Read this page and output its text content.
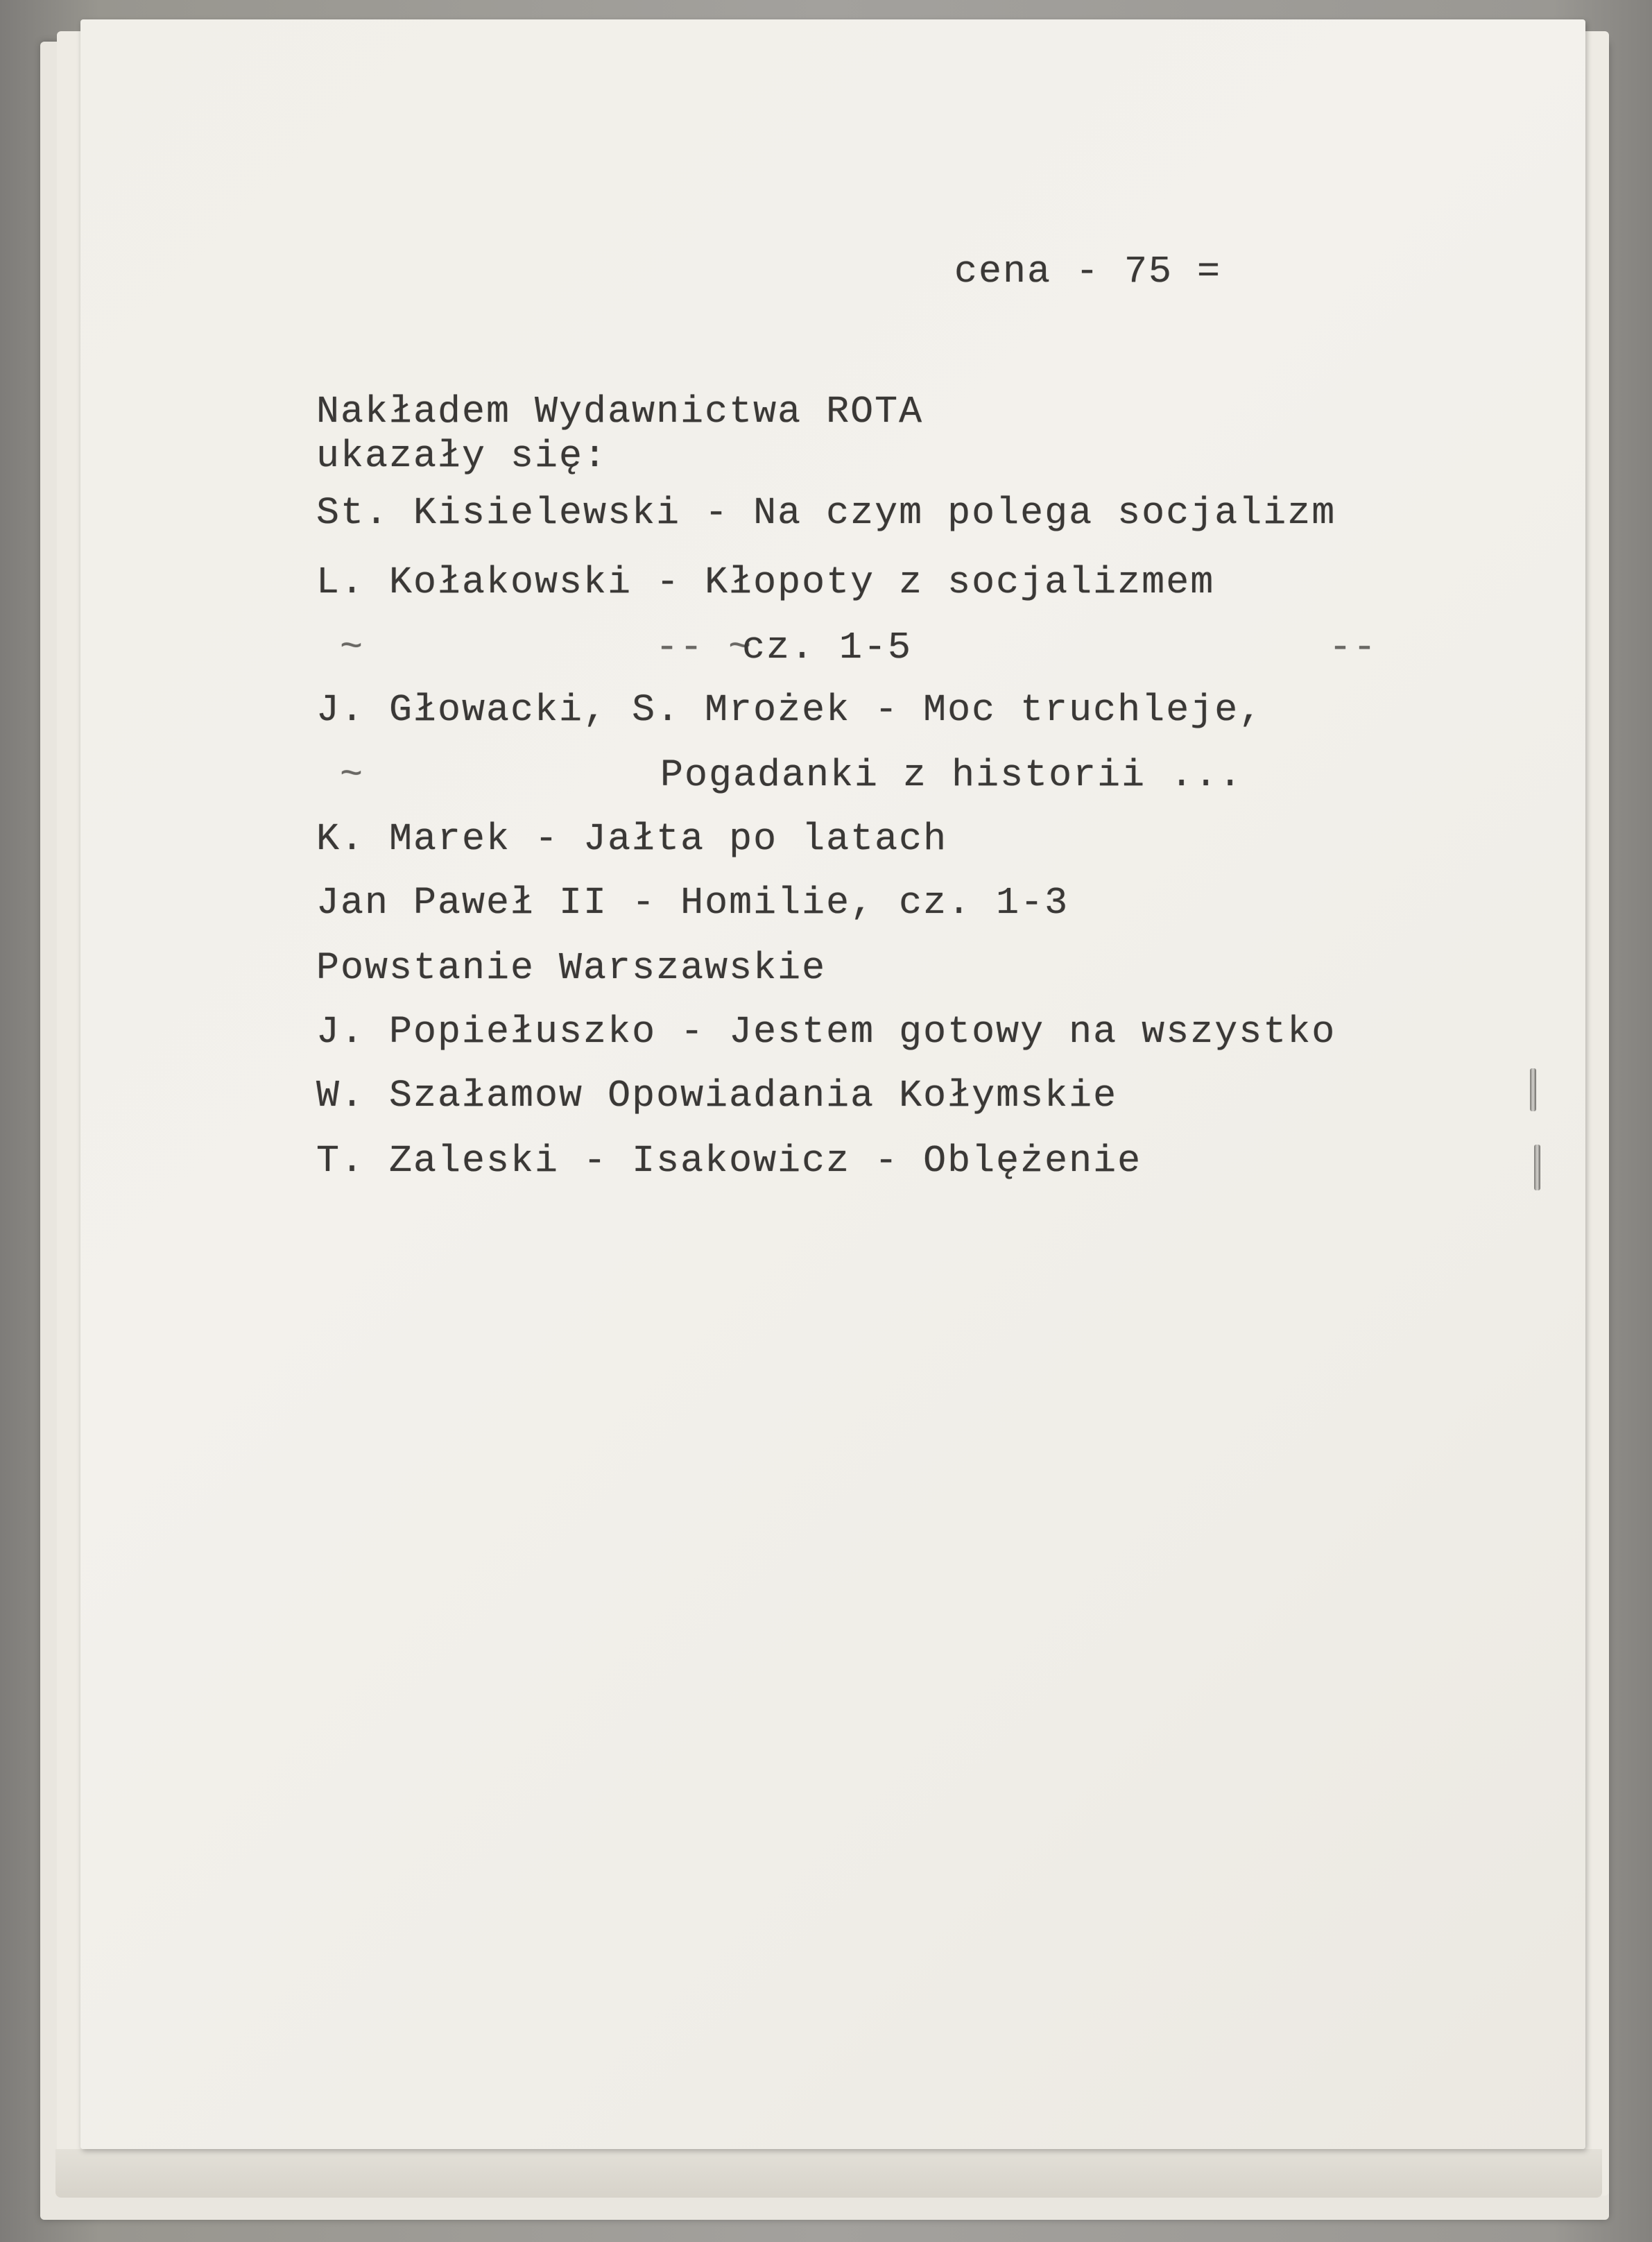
cena - 75 =
Nakładem Wydawnictwa ROTA
ukazały się:
St. Kisielewski - Na czym polega socjalizm
L. Kołakowski - Kłopoty z socjalizmem
~            -- ~
cz. 1-5	--
J. Głowacki, S. Mrożek - Moc truchleje,
~	Pogadanki z historii ...
K. Marek - Jałta po latach
Jan Paweł II - Homilie, cz. 1-3
Powstanie Warszawskie
J. Popiełuszko - Jestem gotowy na wszystko
W. Szałamow Opowiadania Kołymskie
T. Zaleski - Isakowicz - Oblężenie
